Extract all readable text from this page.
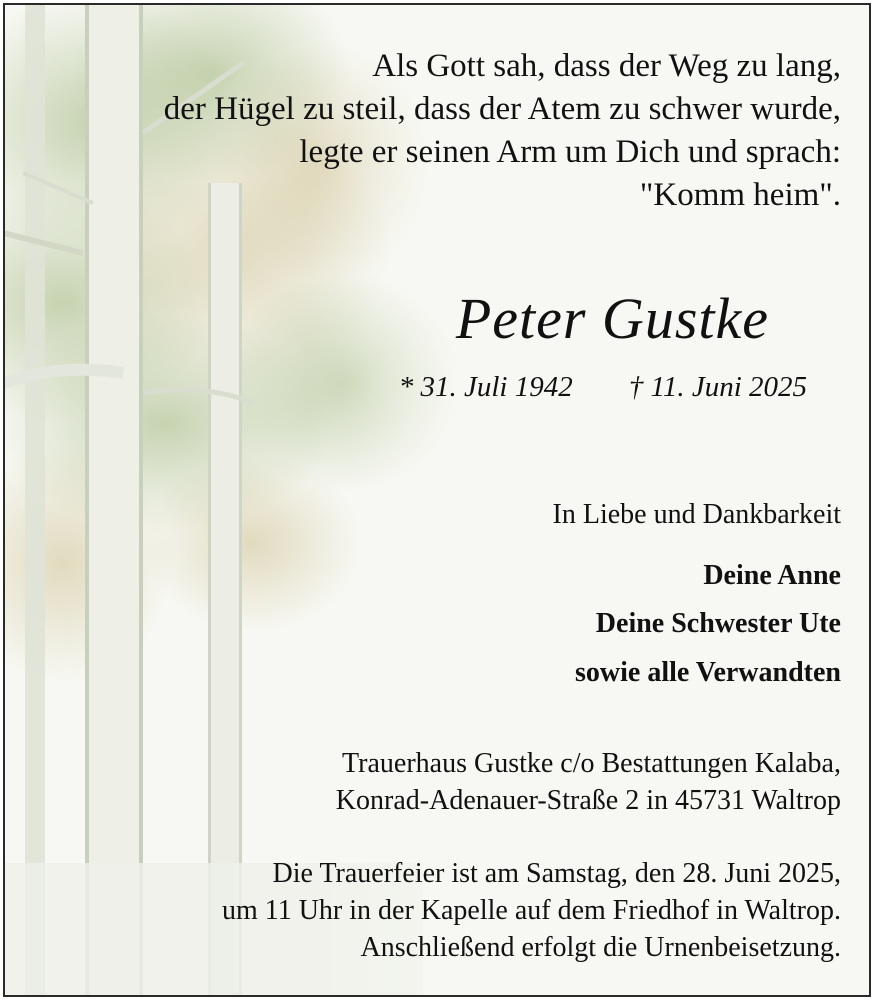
Als Gott sah, dass der Weg zu lang,
der Hügel zu steil, dass der Atem zu schwer wurde,
legte er seinen Arm um Dich und sprach:
"Komm heim".
Peter Gustke
* 31. Juli 1942 † 11. Juni 2025
In Liebe und Dankbarkeit
Deine Anne
Deine Schwester Ute
sowie alle Verwandten
Trauerhaus Gustke c/o Bestattungen Kalaba,
Konrad-Adenauer-Straße 2 in 45731 Waltrop
Die Trauerfeier ist am Samstag, den 28. Juni 2025,
um 11 Uhr in der Kapelle auf dem Friedhof in Waltrop.
Anschließend erfolgt die Urnenbeisetzung.
